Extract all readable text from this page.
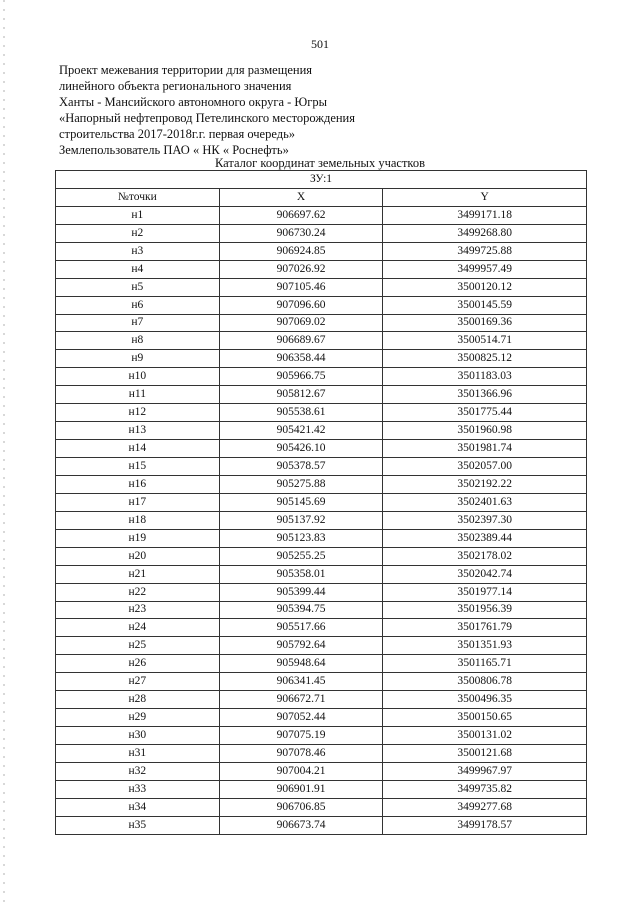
501
Проект межевания территории для размещения
линейного объекта регионального значения
Ханты - Мансийского автономного округа - Югры
«Напорный нефтепровод Петелинского месторождения
строительства 2017-2018г.г. первая очередь»
Землепользователь ПАО « НК « Роснефть»
Каталог координат земельных участков
ЗУ:1		
№точки	X	Y
н1	906697.62	3499171.18
н2	906730.24	3499268.80
н3	906924.85	3499725.88
н4	907026.92	3499957.49
н5	907105.46	3500120.12
н6	907096.60	3500145.59
н7	907069.02	3500169.36
н8	906689.67	3500514.71
н9	906358.44	3500825.12
н10	905966.75	3501183.03
н11	905812.67	3501366.96
н12	905538.61	3501775.44
н13	905421.42	3501960.98
н14	905426.10	3501981.74
н15	905378.57	3502057.00
н16	905275.88	3502192.22
н17	905145.69	3502401.63
н18	905137.92	3502397.30
н19	905123.83	3502389.44
н20	905255.25	3502178.02
н21	905358.01	3502042.74
н22	905399.44	3501977.14
н23	905394.75	3501956.39
н24	905517.66	3501761.79
н25	905792.64	3501351.93
н26	905948.64	3501165.71
н27	906341.45	3500806.78
н28	906672.71	3500496.35
н29	907052.44	3500150.65
н30	907075.19	3500131.02
н31	907078.46	3500121.68
н32	907004.21	3499967.97
н33	906901.91	3499735.82
н34	906706.85	3499277.68
н35	906673.74	3499178.57
